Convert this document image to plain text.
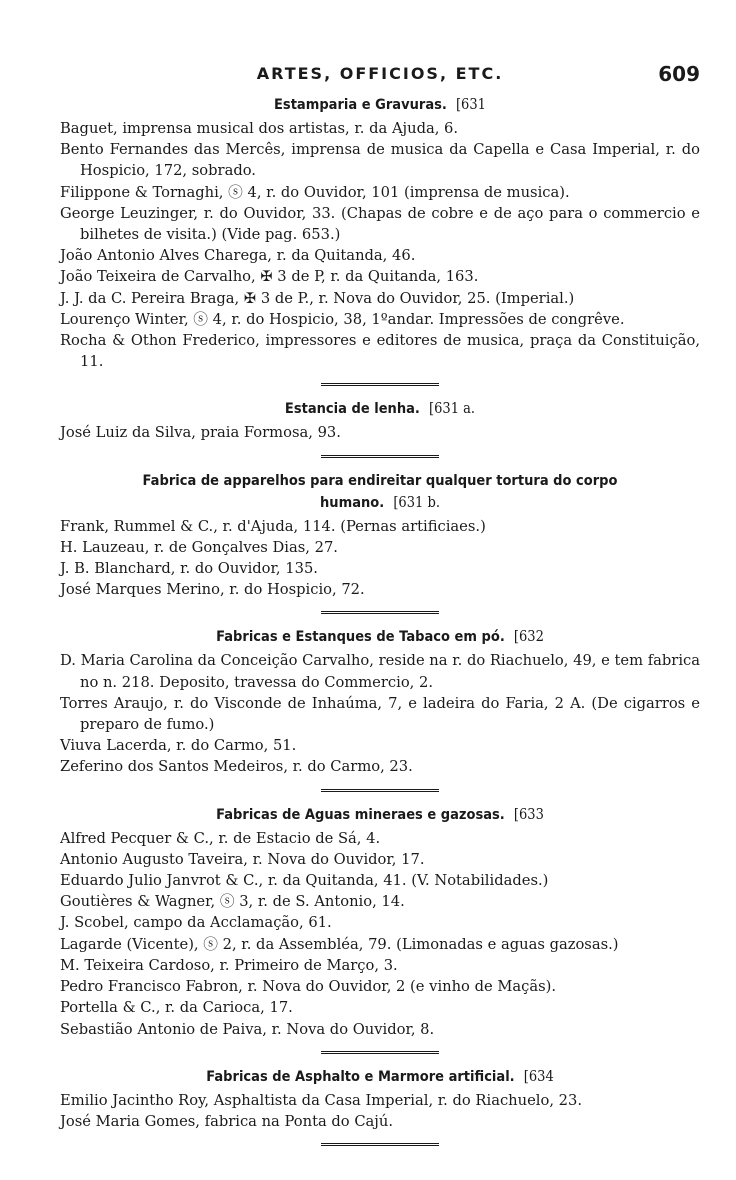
ARTES, OFFICIOS, ETC.	609
Estamparia e Gravuras. [631
Baguet, imprensa musical dos artistas, r. da Ajuda, 6.
Bento Fernandes das Mercês, imprensa de musica da Capella e Casa Imperial, r. do Hospicio, 172, sobrado.
Filippone & Tornaghi, ⓢ 4, r. do Ouvidor, 101 (imprensa de musica).
George Leuzinger, r. do Ouvidor, 33. (Chapas de cobre e de aço para o commercio e bilhetes de visita.) (Vide pag. 653.)
João Antonio Alves Charega, r. da Quitanda, 46.
João Teixeira de Carvalho, ✠ 3 de P, r. da Quitanda, 163.
J. J. da C. Pereira Braga, ✠ 3 de P., r. Nova do Ouvidor, 25. (Imperial.)
Lourenço Winter, ⓢ 4, r. do Hospicio, 38, 1ºandar. Impressões de congrêve.
Rocha & Othon Frederico, impressores e editores de musica, praça da Constituição, 11.
Estancia de lenha. [631 a.
José Luiz da Silva, praia Formosa, 93.
Fabrica de apparelhos para endireitar qualquer tortura do corpo humano. [631 b.
Frank, Rummel & C., r. d'Ajuda, 114. (Pernas artificiaes.)
H. Lauzeau, r. de Gonçalves Dias, 27.
J. B. Blanchard, r. do Ouvidor, 135.
José Marques Merino, r. do Hospicio, 72.
Fabricas e Estanques de Tabaco em pó. [632
D. Maria Carolina da Conceição Carvalho, reside na r. do Riachuelo, 49, e tem fabrica no n. 218. Deposito, travessa do Commercio, 2.
Torres Araujo, r. do Visconde de Inhaúma, 7, e ladeira do Faria, 2 A. (De cigarros e preparo de fumo.)
Viuva Lacerda, r. do Carmo, 51.
Zeferino dos Santos Medeiros, r. do Carmo, 23.
Fabricas de Aguas mineraes e gazosas. [633
Alfred Pecquer & C., r. de Estacio de Sá, 4.
Antonio Augusto Taveira, r. Nova do Ouvidor, 17.
Eduardo Julio Janvrot & C., r. da Quitanda, 41. (V. Notabilidades.)
Goutières & Wagner, ⓢ 3, r. de S. Antonio, 14.
J. Scobel, campo da Acclamação, 61.
Lagarde (Vicente), ⓢ 2, r. da Assembléa, 79. (Limonadas e aguas gazosas.)
M. Teixeira Cardoso, r. Primeiro de Março, 3.
Pedro Francisco Fabron, r. Nova do Ouvidor, 2 (e vinho de Maçãs).
Portella & C., r. da Carioca, 17.
Sebastião Antonio de Paiva, r. Nova do Ouvidor, 8.
Fabricas de Asphalto e Marmore artificial. [634
Emilio Jacintho Roy, Asphaltista da Casa Imperial, r. do Riachuelo, 23.
José Maria Gomes, fabrica na Ponta do Cajú.
